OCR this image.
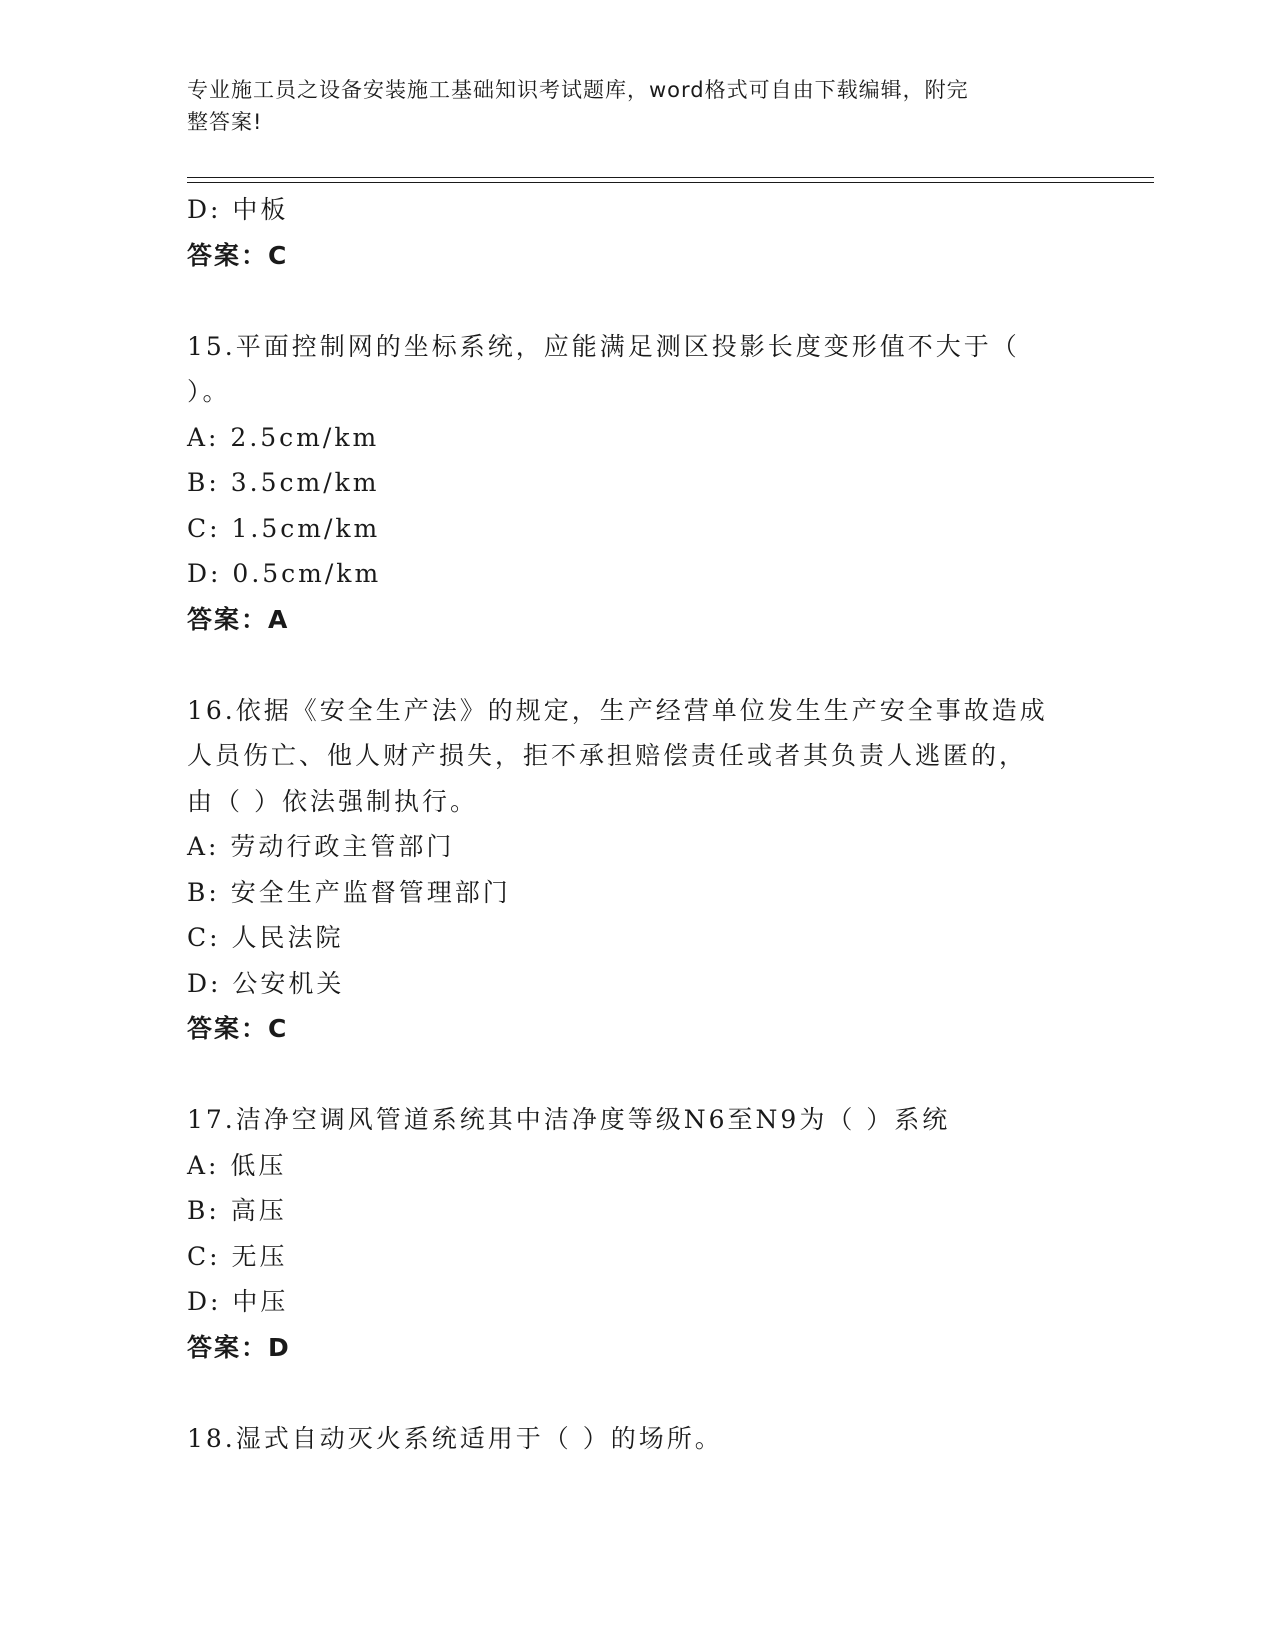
专业施工员之设备安装施工基础知识考试题库，word格式可自由下载编辑，附完
整答案!
D: 中板
答案：C
15.平面控制网的坐标系统，应能满足测区投影长度变形值不大于（
）。
A: 2.5cm/km
B: 3.5cm/km
C: 1.5cm/km
D: 0.5cm/km
答案：A
16.依据《安全生产法》的规定，生产经营单位发生生产安全事故造成
人员伤亡、他人财产损失，拒不承担赔偿责任或者其负责人逃匿的，
由（ ）依法强制执行。
A: 劳动行政主管部门
B: 安全生产监督管理部门
C: 人民法院
D: 公安机关
答案：C
17.洁净空调风管道系统其中洁净度等级N6至N9为（ ）系统
A: 低压
B: 高压
C: 无压
D: 中压
答案：D
18.湿式自动灭火系统适用于（ ）的场所。
